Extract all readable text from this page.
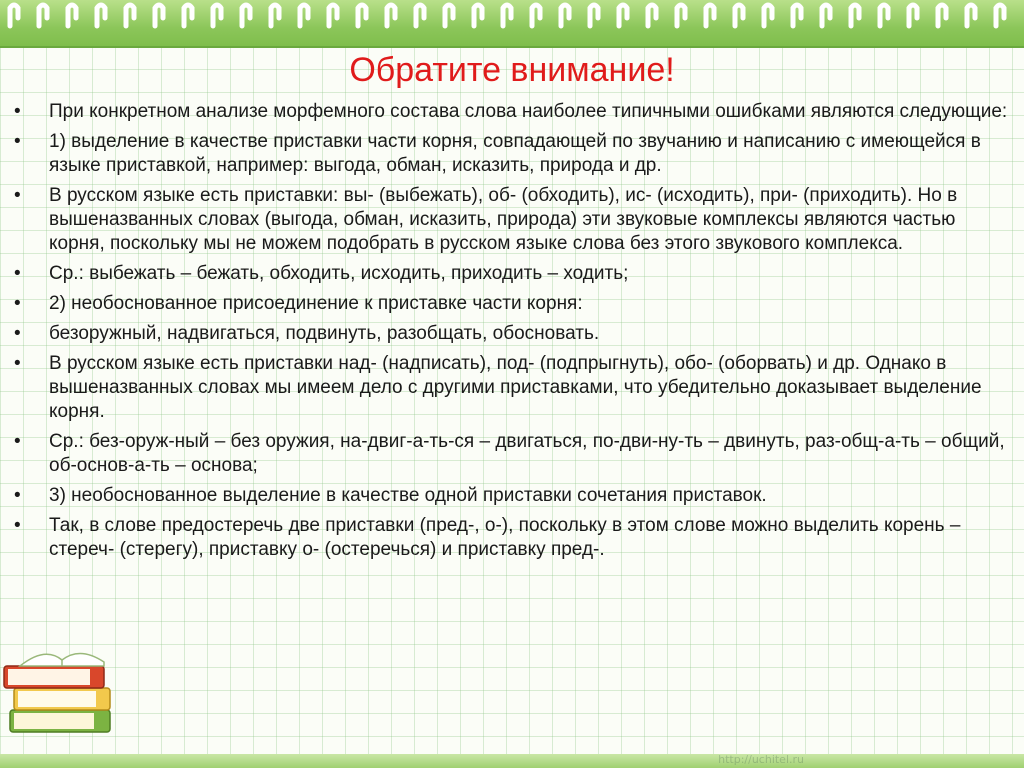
Обратите внимание!
• При конкретном анализе морфемного состава слова наиболее типичными ошибками являются следующие:
• 1) выделение в качестве приставки части корня, совпадающей по звучанию и написанию с имеющейся в языке приставкой, например: выгода, обман, исказить, природа и др.
• В русском языке есть приставки: вы- (выбежать), об- (обходить), ис- (исходить), при- (приходить). Но в вышеназванных словах (выгода, обман, исказить, природа) эти звуковые комплексы являются частью корня, поскольку мы не можем подобрать в русском языке слова без этого звукового комплекса.
• Ср.: выбежать – бежать, обходить, исходить, приходить – ходить;
• 2) необоснованное присоединение к приставке части корня:
• безоружный, надвигаться, подвинуть, разобщать, обосновать.
• В русском языке есть приставки над- (надписать), под- (подпрыгнуть), обо- (оборвать) и др. Однако в вышеназванных словах мы имеем дело с другими приставками, что убедительно доказывает выделение корня.
• Ср.: без-оруж-ный – без оружия, на-двиг-а-ть-ся – двигаться, по-дви-ну-ть – двинуть, раз-общ-а-ть – общий, об-основ-а-ть – основа;
• 3) необоснованное выделение в качестве одной приставки сочетания приставок.
• Так, в слове предостеречь две приставки (пред-, о-), поскольку в этом слове можно выделить корень – стереч- (стерегу), приставку о- (остеречься) и приставку пред-.
http://uchitel.ru
